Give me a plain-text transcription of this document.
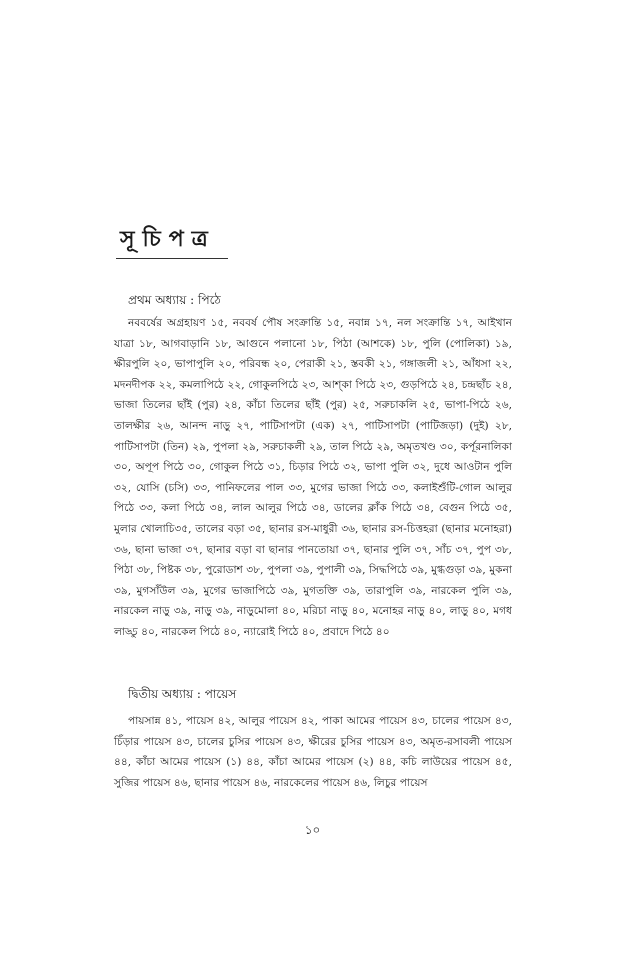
সূচিপত্র
প্রথম অধ্যায় : পিঠে
নববর্ষের অগ্রহায়ণ ১৫, নববর্ষ পৌষ সংক্রান্তি ১৫, নবান্ন ১৭, নল সংক্রান্তি ১৭, আইখান যাত্রা ১৮, আগবাড়ানি ১৮, আগুনে পলানো ১৮, পিঠা (আশকে) ১৮, পুলি (পোলিকা) ১৯, ক্ষীরপুলি ২০, ভাপাপুলি ২০, পরিবন্ধ ২০, পেরাকী ২১, স্তবকী ২১, গঙ্গাজলী ২১, আঁধসা ২২, মদনদীপক ২২, কমলাপিঠে ২২, গোকুলপিঠে ২৩, আশ্কা পিঠে ২৩, গুড়পিঠে ২৪, চন্দ্রছাঁচ ২৪, ভাজা তিলের ছাঁই (পুর) ২৪, কাঁচা তিলের ছাঁই (পুর) ২৫, সরুচাকলি ২৫, ভাপা-পিঠে ২৬, তালক্ষীর ২৬, আনন্দ নাড়ু ২৭, পাটিসাপটা (এক) ২৭, পাটিসাপটা (পাটিজড়া) (দুই) ২৮, পাটিসাপটা (তিন) ২৯, পুপলা ২৯, সরুচাকলী ২৯, তাল পিঠে ২৯, অমৃতখণ্ড ৩০, কর্পূরনালিকা ৩০, অপূপ পিঠে ৩০, গোকুল পিঠে ৩১, চিড়ার পিঠে ৩২, ভাপা পুলি ৩২, দুধে আওটান পুলি ৩২, যোসি (চসি) ৩৩, পানিফলের পাল ৩৩, মুগের ভাজা পিঠে ৩৩, কলাইশুঁটি-গোল আলুর পিঠে ৩৩, কলা পিঠে ৩৪, লাল আলুর পিঠে ৩৪, ডালের ক্লাঁক পিঠে ৩৪, বেগুন পিঠে ৩৫, মুলার খোলাচি৩৫, তালের বড়া ৩৫, ছানার রস-মাধুরী ৩৬, ছানার রস-চিত্তহরা (ছানার মনোহরা) ৩৬, ছানা ভাজা ৩৭, ছানার বড়া বা ছানার পানতোয়া ৩৭, ছানার পুলি ৩৭, সাঁচ ৩৭, পুপ ৩৮, পিঠা ৩৮, পিষ্টক ৩৮, পুরোডাশ ৩৮, পুপলা ৩৯, পুপালী ৩৯, সিদ্ধপিঠে ৩৯, মুগ্ধগুড়া ৩৯, মুকনা ৩৯, মুগসাঁউল ৩৯, মুগের ভাজাপিঠে ৩৯, মুগতক্তি ৩৯, তারাপুলি ৩৯, নারকেল পুলি ৩৯, নারকেল নাড়ু ৩৯, নাড়ু ৩৯, নাড়ুমোলা ৪০, মরিচা নাড়ু ৪০, মনোহর নাড়ু ৪০, লাড়ু ৪০, মগধ লাড্ডু ৪০, নারকেল পিঠে ৪০, ন্যারোই পিঠে ৪০, প্রবাদে পিঠে ৪০
দ্বিতীয় অধ্যায় : পায়েস
পায়সান্ন ৪১, পায়েস ৪২, আলুর পায়েস ৪২, পাকা আমের পায়েস ৪৩, চালের পায়েস ৪৩, চিঁড়ার পায়েস ৪৩, চালের চুসির পায়েস ৪৩, ক্ষীরের চুসির পায়েস ৪৩, অমৃত-রসাবলী পায়েস ৪৪, কাঁচা আমের পায়েস (১) ৪৪, কাঁচা আমের পায়েস (২) ৪৪, কচি লাউয়ের পায়েস ৪৫, সুজির পায়েস ৪৬, ছানার পায়েস ৪৬, নারকেলের পায়েস ৪৬, লিচুর পায়েস
১০
